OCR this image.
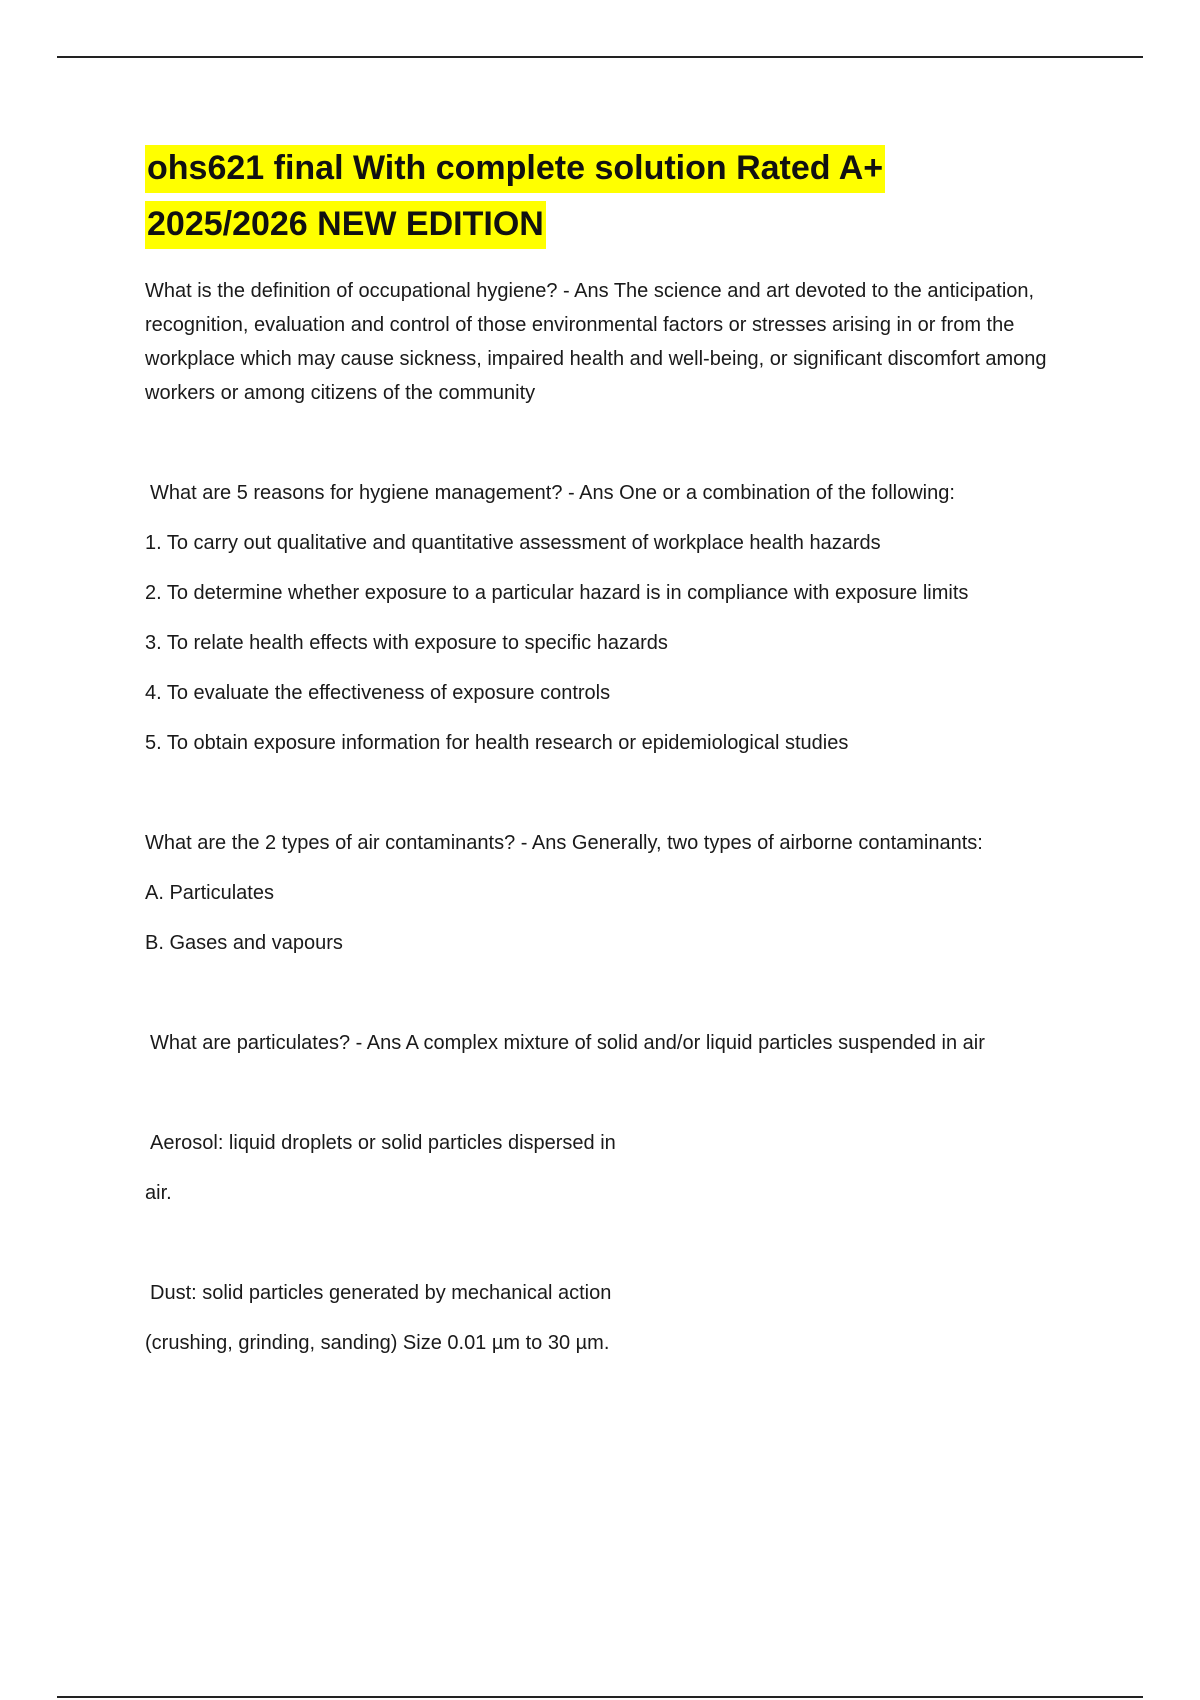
ohs621 final With complete solution Rated A+
2025/2026 NEW EDITION

What is the definition of occupational hygiene? - Ans The science and art devoted to the anticipation, recognition, evaluation and control of those environmental factors or stresses arising in or from the workplace which may cause sickness, impaired health and well-being, or significant discomfort among workers or among citizens of the community

What are 5 reasons for hygiene management? - Ans One or a combination of the following:

1. To carry out qualitative and quantitative assessment of workplace health hazards

2. To determine whether exposure to a particular hazard is in compliance with exposure limits

3. To relate health effects with exposure to specific hazards

4. To evaluate the effectiveness of exposure controls

5. To obtain exposure information for health research or epidemiological studies

What are the 2 types of air contaminants? - Ans Generally, two types of airborne contaminants:

A. Particulates

B. Gases and vapours

What are particulates? - Ans A complex mixture of solid and/or liquid particles suspended in air

Aerosol: liquid droplets or solid particles dispersed in

air.

Dust: solid particles generated by mechanical action

(crushing, grinding, sanding) Size 0.01 µm to 30 µm.
